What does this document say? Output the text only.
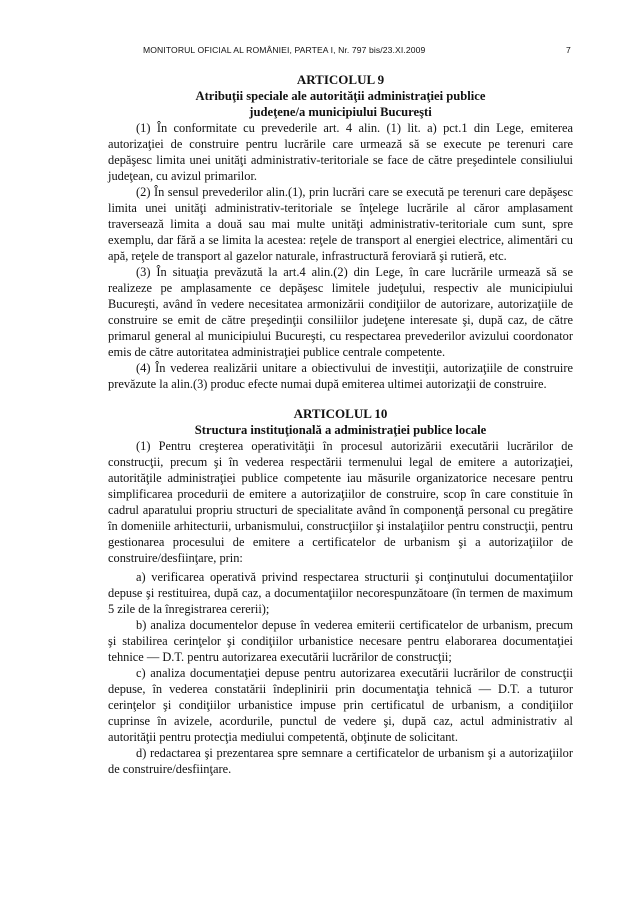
MONITORUL OFICIAL AL ROMÂNIEI, PARTEA I, Nr. 797 bis/23.XI.2009	7
ARTICOLUL 9
Atribuţii speciale ale autorităţii administraţiei publice
judeţene/a municipiului Bucureşti

(1) În conformitate cu prevederile art. 4 alin. (1) lit. a) pct.1 din Lege, emiterea autorizaţiei de construire pentru lucrările care urmează să se execute pe terenuri care depăşesc limita unei unităţi administrativ-teritoriale se face de către preşedintele consiliului judeţean, cu avizul primarilor.

(2) În sensul prevederilor alin.(1), prin lucrări care se execută pe terenuri care depăşesc limita unei unităţi administrativ-teritoriale se înţelege lucrările al căror amplasament traversează limita a două sau mai multe unităţi administrativ-teritoriale cum sunt, spre exemplu, dar fără a se limita la acestea: reţele de transport al energiei electrice, alimentări cu apă, reţele de transport al gazelor naturale, infrastructură feroviară şi rutieră, etc.

(3) În situaţia prevăzută la art.4 alin.(2) din Lege, în care lucrările urmează să se realizeze pe amplasamente ce depăşesc limitele judeţului, respectiv ale municipiului Bucureşti, având în vedere necesitatea armonizării condiţiilor de autorizare, autorizaţiile de construire se emit de către preşedinţii consiliilor judeţene interesate şi, după caz, de către primarul general al municipiului Bucureşti, cu respectarea prevederilor avizului coordonator emis de către autoritatea administraţiei publice centrale competente.

(4) În vederea realizării unitare a obiectivului de investiţii, autorizaţiile de construire prevăzute la alin.(3) produc efecte numai după emiterea ultimei autorizaţii de construire.

ARTICOLUL 10
Structura instituţională a administraţiei publice locale

(1) Pentru creşterea operativităţii în procesul autorizării executării lucrărilor de construcţii, precum şi în vederea respectării termenului legal de emitere a autorizaţiei, autorităţile administraţiei publice competente iau măsurile organizatorice necesare pentru simplificarea procedurii de emitere a autorizaţiilor de construire, scop în care constituie în cadrul aparatului propriu structuri de specialitate având în componenţă personal cu pregătire în domeniile arhitecturii, urbanismului, construcţiilor şi instalaţiilor pentru construcţii, pentru gestionarea procesului de emitere a certificatelor de urbanism şi a autorizaţiilor de construire/desfiinţare, prin:

a) verificarea operativă privind respectarea structurii şi conţinutului documentaţiilor depuse şi restituirea, după caz, a documentaţiilor necorespunzătoare (în termen de maximum 5 zile de la înregistrarea cererii);

b) analiza documentelor depuse în vederea emiterii certificatelor de urbanism, precum şi stabilirea cerinţelor şi condiţiilor urbanistice necesare pentru elaborarea documentaţiei tehnice — D.T. pentru autorizarea executării lucrărilor de construcţii;

c) analiza documentaţiei depuse pentru autorizarea executării lucrărilor de construcţii depuse, în vederea constatării îndeplinirii prin documentaţia tehnică — D.T. a tuturor cerinţelor şi condiţiilor urbanistice impuse prin certificatul de urbanism, a condiţiilor cuprinse în avizele, acordurile, punctul de vedere şi, după caz, actul administrativ al autorităţii pentru protecţia mediului competentă, obţinute de solicitant.

d) redactarea şi prezentarea spre semnare a certificatelor de urbanism şi a autorizaţiilor de construire/desfiinţare.
